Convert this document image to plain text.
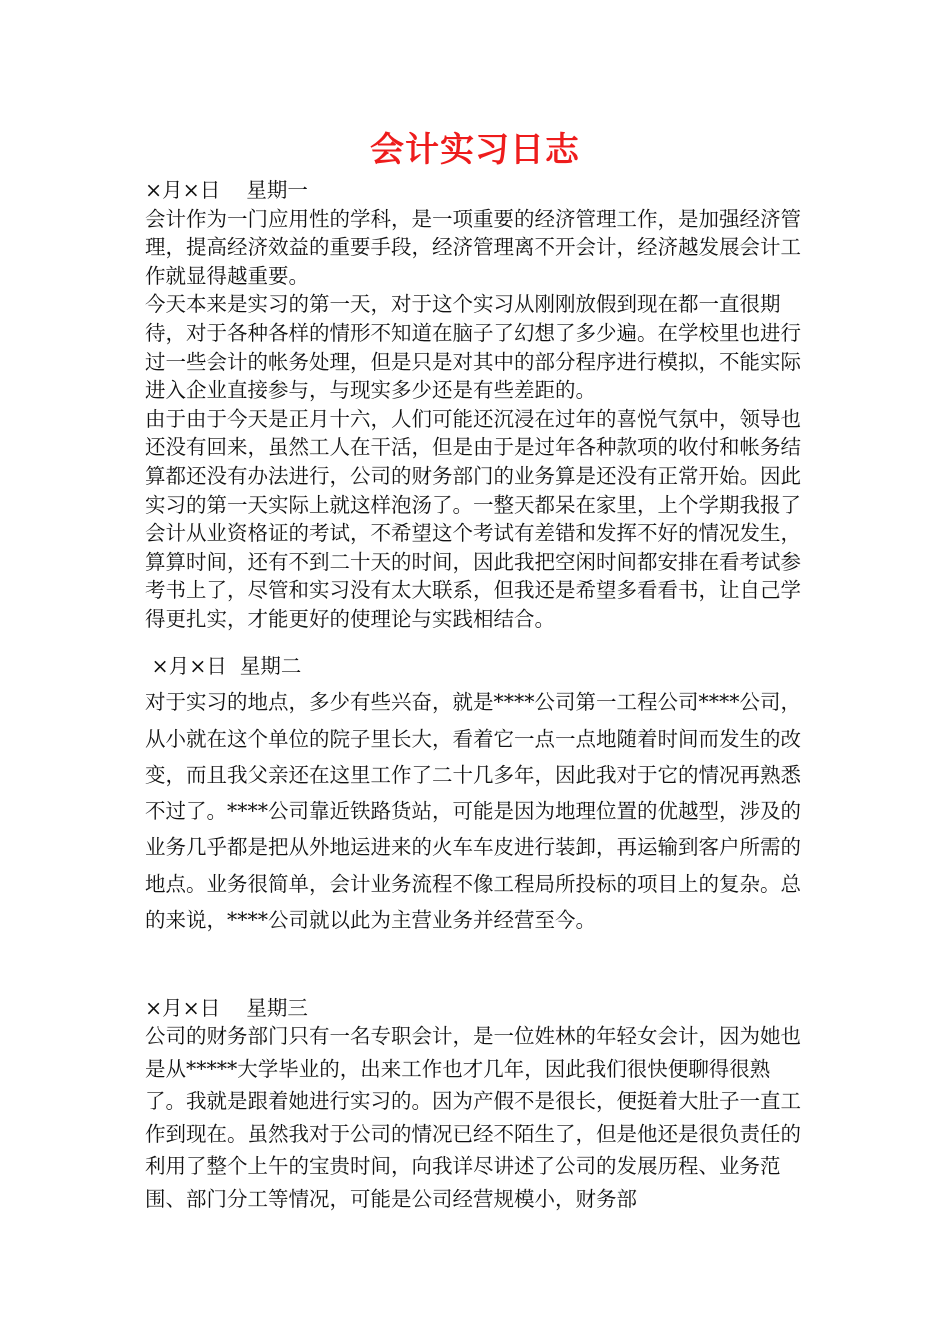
会计实习日志

×月×日    星期一

会计作为一门应用性的学科，是一项重要的经济管理工作，是加强经济管理，提高经济效益的重要手段，经济管理离不开会计，经济越发展会计工作就显得越重要。

今天本来是实习的第一天，对于这个实习从刚刚放假到现在都一直很期待，对于各种各样的情形不知道在脑子了幻想了多少遍。在学校里也进行过一些会计的帐务处理，但是只是对其中的部分程序进行模拟，不能实际进入企业直接参与，与现实多少还是有些差距的。

由于由于今天是正月十六，人们可能还沉浸在过年的喜悦气氛中，领导也还没有回来，虽然工人在干活，但是由于是过年各种款项的收付和帐务结算都还没有办法进行，公司的财务部门的业务算是还没有正常开始。因此实习的第一天实际上就这样泡汤了。一整天都呆在家里，上个学期我报了会计从业资格证的考试，不希望这个考试有差错和发挥不好的情况发生，算算时间，还有不到二十天的时间，因此我把空闲时间都安排在看考试参考书上了，尽管和实习没有太大联系，但我还是希望多看看书，让自己学得更扎实，才能更好的使理论与实践相结合。

×月×日  星期二

对于实习的地点，多少有些兴奋，就是****公司第一工程公司****公司，从小就在这个单位的院子里长大，看着它一点一点地随着时间而发生的改变，而且我父亲还在这里工作了二十几多年，因此我对于它的情况再熟悉不过了。****公司靠近铁路货站，可能是因为地理位置的优越型，涉及的业务几乎都是把从外地运进来的火车车皮进行装卸，再运输到客户所需的地点。业务很简单，会计业务流程不像工程局所投标的项目上的复杂。总的来说，****公司就以此为主营业务并经营至今。

×月×日    星期三

公司的财务部门只有一名专职会计，是一位姓林的年轻女会计，因为她也是从*****大学毕业的，出来工作也才几年，因此我们很快便聊得很熟了。我就是跟着她进行实习的。因为产假不是很长，便挺着大肚子一直工作到现在。虽然我对于公司的情况已经不陌生了，但是他还是很负责任的利用了整个上午的宝贵时间，向我详尽讲述了公司的发展历程、业务范围、部门分工等情况，可能是公司经营规模小，财务部
